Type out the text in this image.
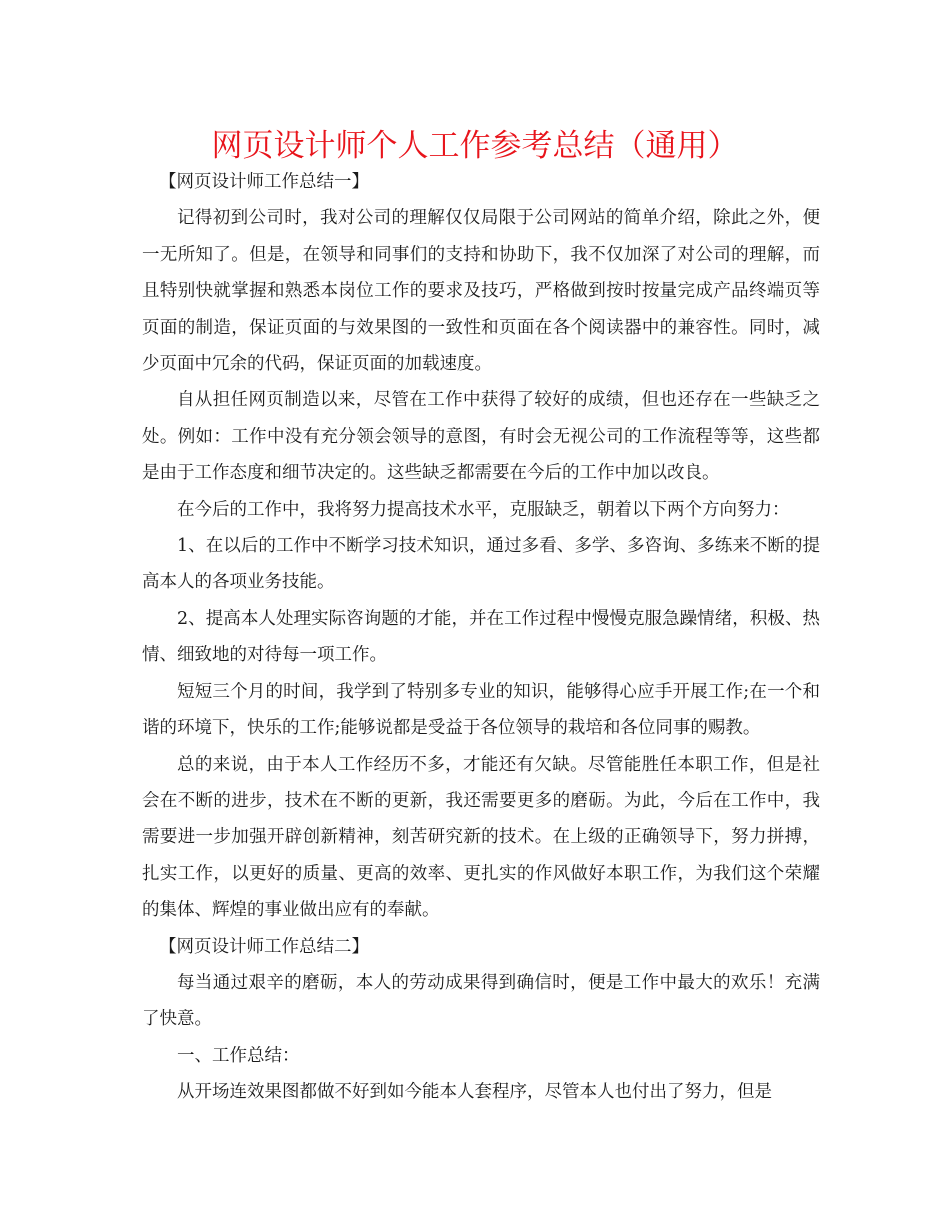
网页设计师个人工作参考总结（通用）

【网页设计师工作总结一】

记得初到公司时，我对公司的理解仅仅局限于公司网站的简单介绍，除此之外，便一无所知了。但是，在领导和同事们的支持和协助下，我不仅加深了对公司的理解，而且特别快就掌握和熟悉本岗位工作的要求及技巧，严格做到按时按量完成产品终端页等页面的制造，保证页面的与效果图的一致性和页面在各个阅读器中的兼容性。同时，减少页面中冗余的代码，保证页面的加载速度。

自从担任网页制造以来，尽管在工作中获得了较好的成绩，但也还存在一些缺乏之处。例如：工作中没有充分领会领导的意图，有时会无视公司的工作流程等等，这些都是由于工作态度和细节决定的。这些缺乏都需要在今后的工作中加以改良。

在今后的工作中，我将努力提高技术水平，克服缺乏，朝着以下两个方向努力：

1、在以后的工作中不断学习技术知识，通过多看、多学、多咨询、多练来不断的提高本人的各项业务技能。

2、提高本人处理实际咨询题的才能，并在工作过程中慢慢克服急躁情绪，积极、热情、细致地的对待每一项工作。

短短三个月的时间，我学到了特别多专业的知识，能够得心应手开展工作;在一个和谐的环境下，快乐的工作;能够说都是受益于各位领导的栽培和各位同事的赐教。

总的来说，由于本人工作经历不多，才能还有欠缺。尽管能胜任本职工作，但是社会在不断的进步，技术在不断的更新，我还需要更多的磨砺。为此，今后在工作中，我需要进一步加强开辟创新精神，刻苦研究新的技术。在上级的正确领导下，努力拼搏，扎实工作，以更好的质量、更高的效率、更扎实的作风做好本职工作，为我们这个荣耀的集体、辉煌的事业做出应有的奉献。

【网页设计师工作总结二】

每当通过艰辛的磨砺，本人的劳动成果得到确信时，便是工作中最大的欢乐！充满了快意。

一、工作总结：

从开场连效果图都做不好到如今能本人套程序，尽管本人也付出了努力，但是
